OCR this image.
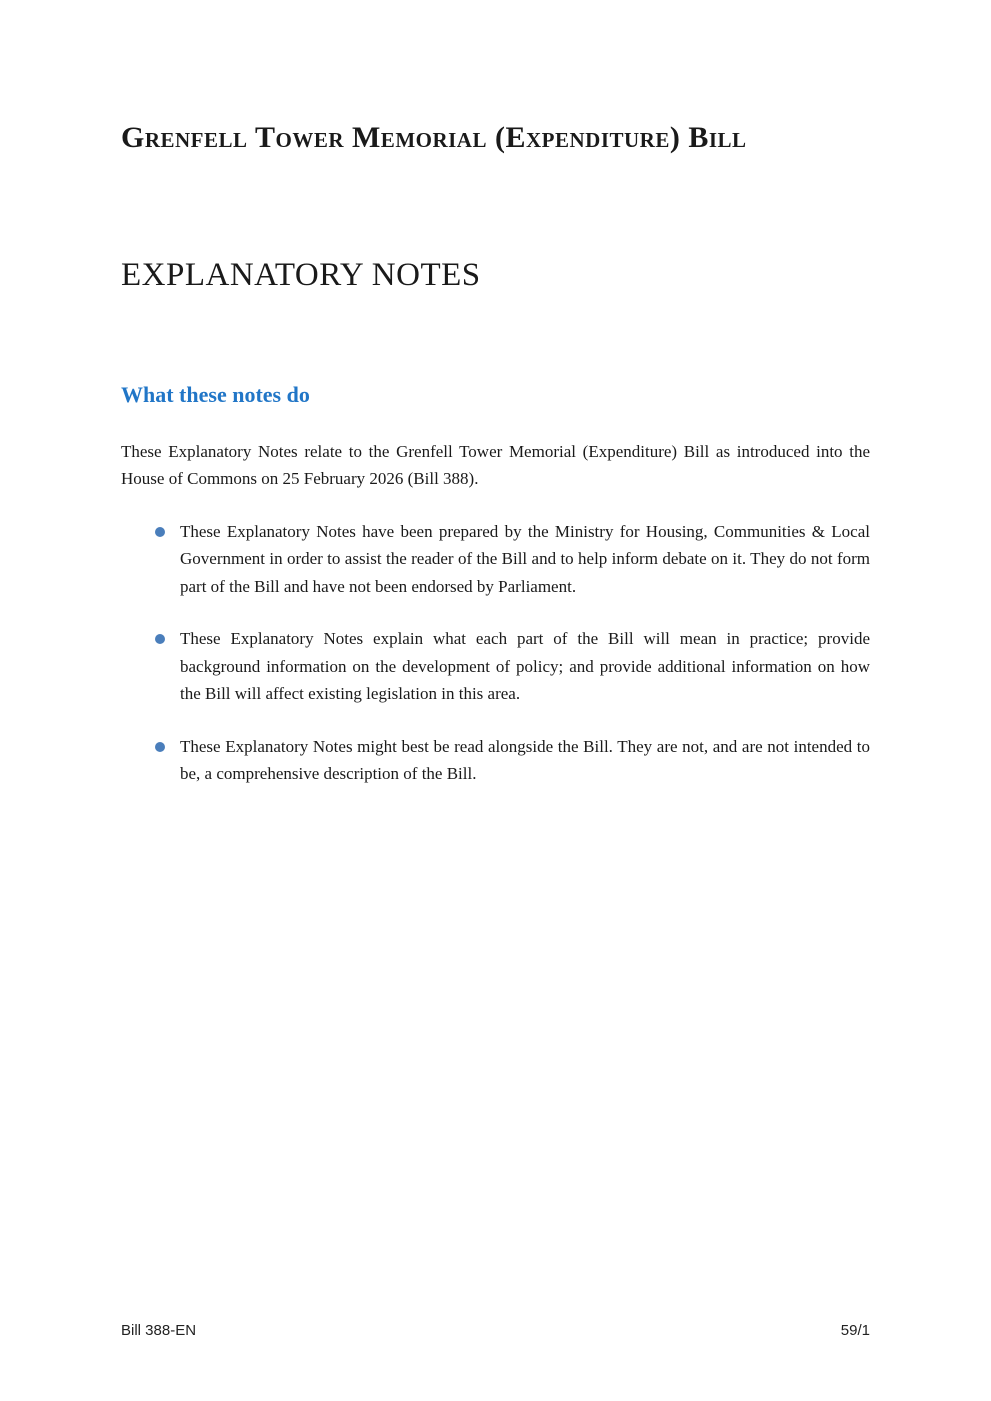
Grenfell Tower Memorial (Expenditure) Bill
EXPLANATORY NOTES
What these notes do

These Explanatory Notes relate to the Grenfell Tower Memorial (Expenditure) Bill as introduced into the House of Commons on 25 February 2026 (Bill 388).

These Explanatory Notes have been prepared by the Ministry for Housing, Communities & Local Government in order to assist the reader of the Bill and to help inform debate on it. They do not form part of the Bill and have not been endorsed by Parliament.
These Explanatory Notes explain what each part of the Bill will mean in practice; provide background information on the development of policy; and provide additional information on how the Bill will affect existing legislation in this area.
These Explanatory Notes might best be read alongside the Bill. They are not, and are not intended to be, a comprehensive description of the Bill.
Bill 388-EN	59/1
